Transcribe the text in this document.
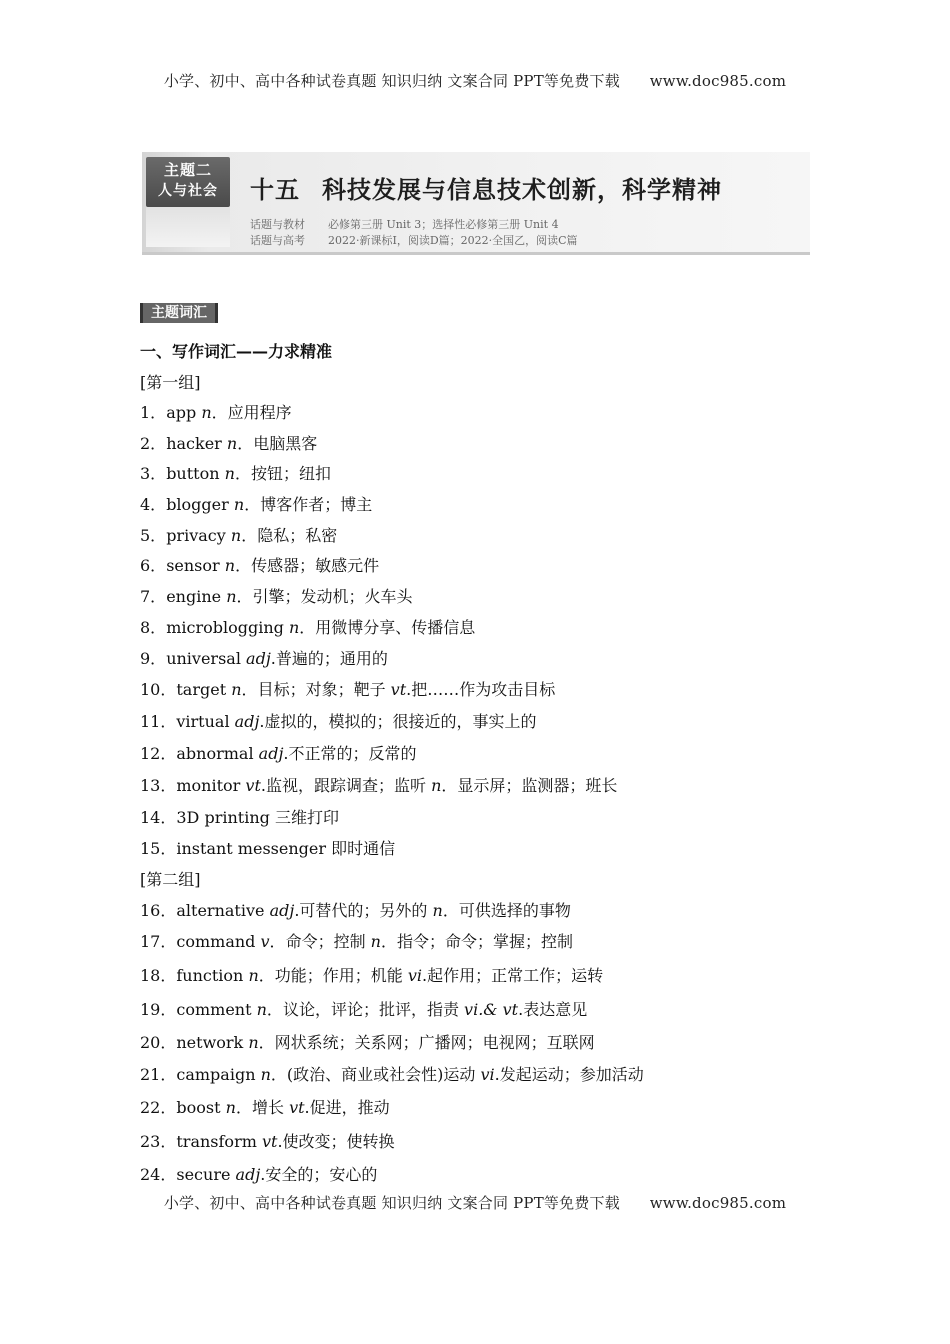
小学、初中、高中各种试卷真题 知识归纳 文案合同 PPT等免费下载 www.doc985.com
主题二
人与社会	十五 科技发展与信息技术创新，科学精神
话题与教材 必修第三册 Unit 3；选择性必修第三册 Unit 4
话题与高考 2022·新课标Ⅰ，阅读D篇；2022·全国乙，阅读C篇
主题词汇
一、写作词汇——力求精准
[第一组]
[第二组]
1．app n．应用程序
2．hacker n．电脑黑客
3．button n．按钮；纽扣
4．blogger n．博客作者；博主
5．privacy n．隐私；私密
6．sensor n．传感器；敏感元件
7．engine n．引擎；发动机；火车头
8．microblogging n．用微博分享、传播信息
9．universal adj.普遍的；通用的
10．target n．目标；对象；靶子 vt.把……作为攻击目标
11．virtual adj.虚拟的，模拟的；很接近的，事实上的
12．abnormal adj.不正常的；反常的
13．monitor vt.监视，跟踪调查；监听 n．显示屏；监测器；班长
14．3D printing 三维打印
15．instant messenger 即时通信
16．alternative adj.可替代的；另外的 n．可供选择的事物
17．command v．命令；控制 n．指令；命令；掌握；控制
18．function n．功能；作用；机能 vi.起作用；正常工作；运转
19．comment n．议论，评论；批评，指责 vi.& vt.表达意见
20．network n．网状系统；关系网；广播网；电视网；互联网
21．campaign n．(政治、商业或社会性)运动 vi.发起运动；参加活动
22．boost n．增长 vt.促进，推动
23．transform vt.使改变；使转换
24．secure adj.安全的；安心的
小学、初中、高中各种试卷真题 知识归纳 文案合同 PPT等免费下载 www.doc985.com
